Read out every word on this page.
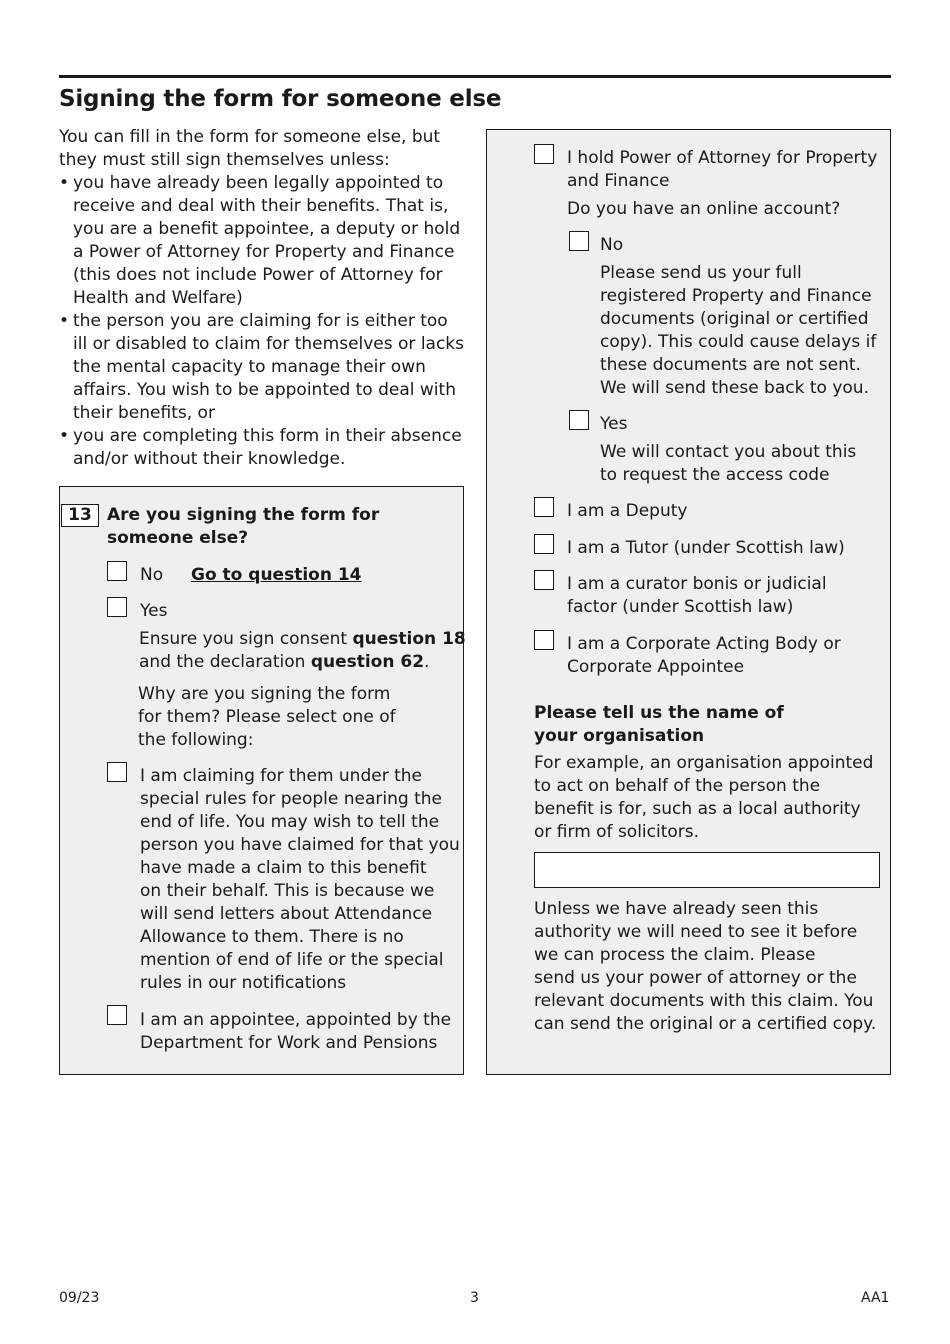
Signing the form for someone else
You can fill in the form for someone else, but
they must still sign themselves unless:
• you have already been legally appointed to
receive and deal with their benefits. That is,
you are a benefit appointee, a deputy or hold
a Power of Attorney for Property and Finance
(this does not include Power of Attorney for
Health and Welfare)
• the person you are claiming for is either too
ill or disabled to claim for themselves or lacks
the mental capacity to manage their own
affairs. You wish to be appointed to deal with
their benefits, or
• you are completing this form in their absence
and/or without their knowledge.
13 Are you signing the form for
someone else?
No Go to question 14
Yes
Ensure you sign consent question 18
and the declaration question 62.
Why are you signing the form
for them? Please select one of
the following:
I am claiming for them under the
special rules for people nearing the
end of life. You may wish to tell the
person you have claimed for that you
have made a claim to this benefit
on their behalf. This is because we
will send letters about Attendance
Allowance to them. There is no
mention of end of life or the special
rules in our notifications
I am an appointee, appointed by the
Department for Work and Pensions
I hold Power of Attorney for Property
and Finance
Do you have an online account?
No
Please send us your full
registered Property and Finance
documents (original or certified
copy). This could cause delays if
these documents are not sent.
We will send these back to you.
Yes
We will contact you about this
to request the access code
I am a Deputy
I am a Tutor (under Scottish law)
I am a curator bonis or judicial
factor (under Scottish law)
I am a Corporate Acting Body or
Corporate Appointee
Please tell us the name of
your organisation
For example, an organisation appointed
to act on behalf of the person the
benefit is for, such as a local authority
or firm of solicitors.
Unless we have already seen this
authority we will need to see it before
we can process the claim. Please
send us your power of attorney or the
relevant documents with this claim. You
can send the original or a certified copy.
09/23	3	AA1
